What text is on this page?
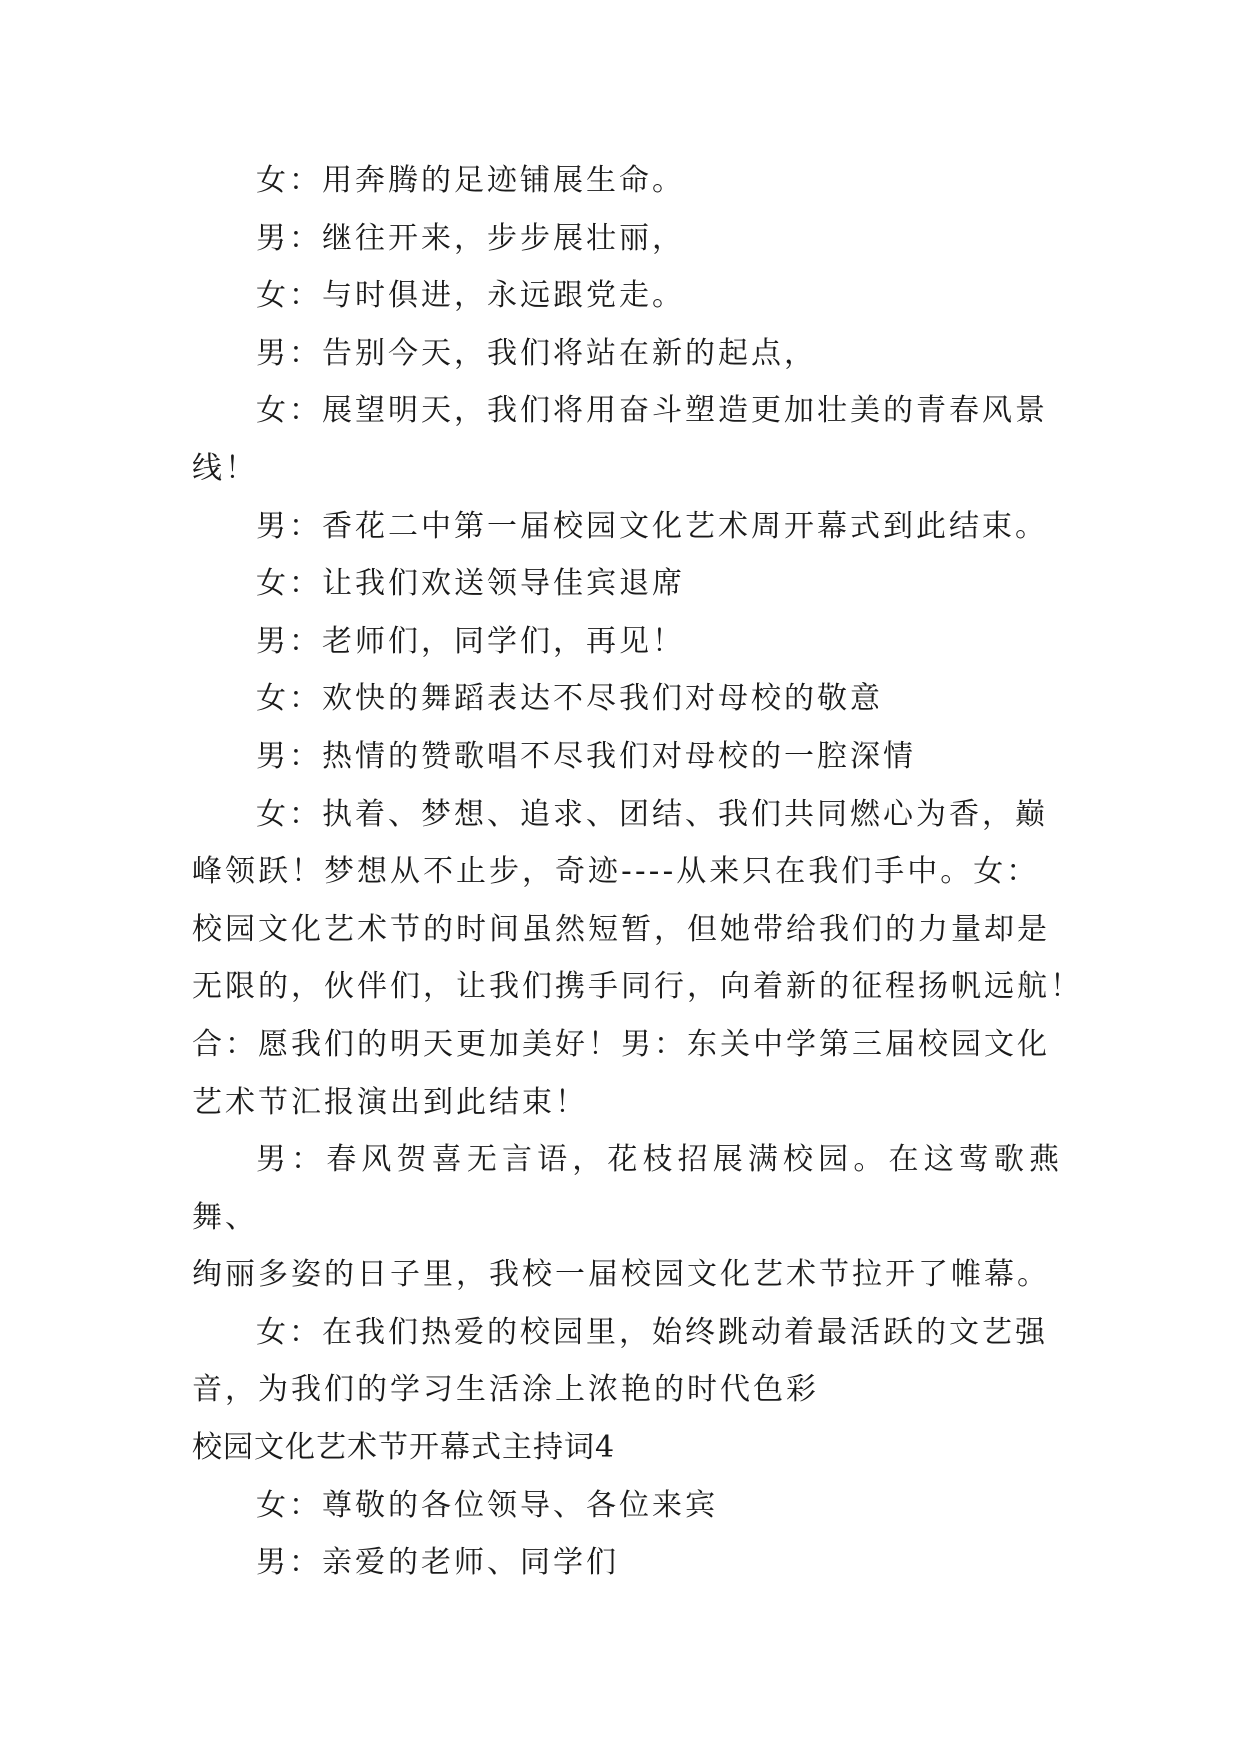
女：用奔腾的足迹铺展生命。

男：继往开来，步步展壮丽，

女：与时俱进，永远跟党走。

男：告别今天，我们将站在新的起点，

女：展望明天，我们将用奋斗塑造更加壮美的青春风景

线！

男：香花二中第一届校园文化艺术周开幕式到此结束。

女：让我们欢送领导佳宾退席

男：老师们，同学们，再见！

女：欢快的舞蹈表达不尽我们对母校的敬意

男：热情的赞歌唱不尽我们对母校的一腔深情

女：执着、梦想、追求、团结、我们共同燃心为香，巅

峰领跃！梦想从不止步，奇迹----从来只在我们手中。女：

校园文化艺术节的时间虽然短暂，但她带给我们的力量却是

无限的，伙伴们，让我们携手同行，向着新的征程扬帆远航！

合：愿我们的明天更加美好！男：东关中学第三届校园文化

艺术节汇报演出到此结束！

男：春风贺喜无言语，花枝招展满校园。在这莺歌燕舞、

绚丽多姿的日子里，我校一届校园文化艺术节拉开了帷幕。

女：在我们热爱的校园里，始终跳动着最活跃的文艺强

音，为我们的学习生活涂上浓艳的时代色彩

校园文化艺术节开幕式主持词4

女：尊敬的各位领导、各位来宾

男：亲爱的老师、同学们
